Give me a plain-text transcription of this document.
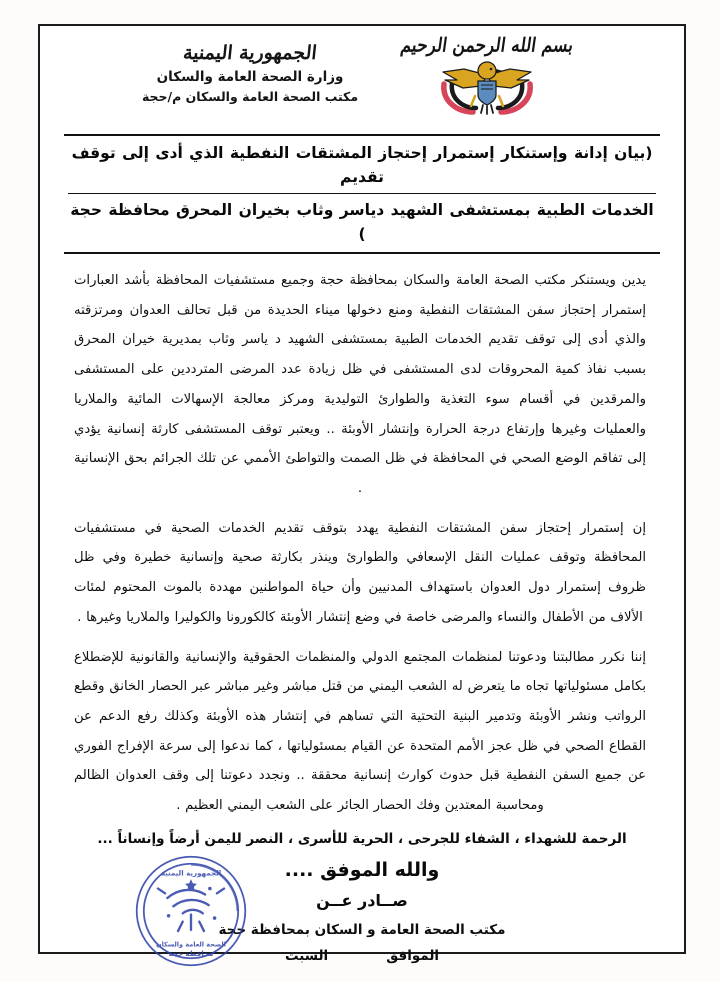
الجمهورية اليمنية
وزارة الصحة العامة والسكان
مكتب الصحة العامة والسكان م/حجة
بسم الله الرحمن الرحيم
(بيان إدانة وإستنكار إستمرار إحتجاز المشتقات النفطية الذي أدى إلى توقف تقديم
الخدمات الطبية بمستشفى الشهيد دياسر وثاب بخيران المحرق محافظة حجة )

يدين ويستنكر مكتب الصحة العامة والسكان بمحافظة حجة وجميع مستشفيات المحافظة بأشد العبارات إستمرار إحتجاز سفن المشتقات النفطية ومنع دخولها ميناء الحديدة من قبل تحالف العدوان ومرتزقته والذي أدى إلى توقف تقديم الخدمات الطبية بمستشفى الشهيد د ياسر وثاب بمديرية خيران المحرق بسبب نفاذ كمية المحروقات لدى المستشفى في ظل زيادة عدد المرضى المترددين على المستشفى والمرقدين في أقسام سوء التغذية والطوارئ التوليدية ومركز معالجة الإسهالات المائية والملاريا والعمليات وغيرها وإرتفاع درجة الحرارة وإنتشار الأوبئة .. ويعتبر توقف المستشفى كارثة إنسانية يؤدي إلى تفاقم الوضع الصحي في المحافظة في ظل الصمت والتواطئ الأممي عن تلك الجرائم بحق الإنسانية .

إن إستمرار إحتجاز سفن المشتقات النفطية يهدد بتوقف تقديم الخدمات الصحية في مستشفيات المحافظة وتوقف عمليات النقل الإسعافي والطوارئ وينذر بكارثة صحية وإنسانية خطيرة وفي ظل ظروف إستمرار دول العدوان باستهداف المدنيين وأن حياة المواطنين مهددة بالموت المحتوم لمئات الألاف من الأطفال والنساء والمرضى خاصة في وضع إنتشار الأوبئة كالكورونا والكوليرا والملاريا وغيرها .

إننا نكرر مطالبتنا ودعوتنا لمنظمات المجتمع الدولي والمنظمات الحقوقية والإنسانية والقانونية للإضطلاع بكامل مسئولياتها تجاه ما يتعرض له الشعب اليمني من قتل مباشر وغير مباشر عبر الحصار الخانق وقطع الرواتب ونشر الأوبئة وتدمير البنية التحتية التي تساهم في إنتشار هذه الأوبئة وكذلك رفع الدعم عن القطاع الصحي في ظل عجز الأمم المتحدة عن القيام بمسئولياتها ، كما ندعوا إلى سرعة الإفراج الفوري عن جميع السفن النفطية قبل حدوث كوارث إنسانية محققة .. ونجدد دعوتنا إلى وقف العدوان الظالم ومحاسبة المعتدين وفك الحصار الجائر على الشعب اليمني العظيم .

الرحمة للشهداء ، الشفاء للجرحى ، الحرية للأسرى ، النصر لليمن أرضاً وإنساناً ...
والله الموفق ....
صــادر عــن
مكتب الصحة العامة و السكان بمحافظة حجة
السبت	الموافق
الجمهورية اليمنية
الصحة العامة والسكان
محافظة حجة
